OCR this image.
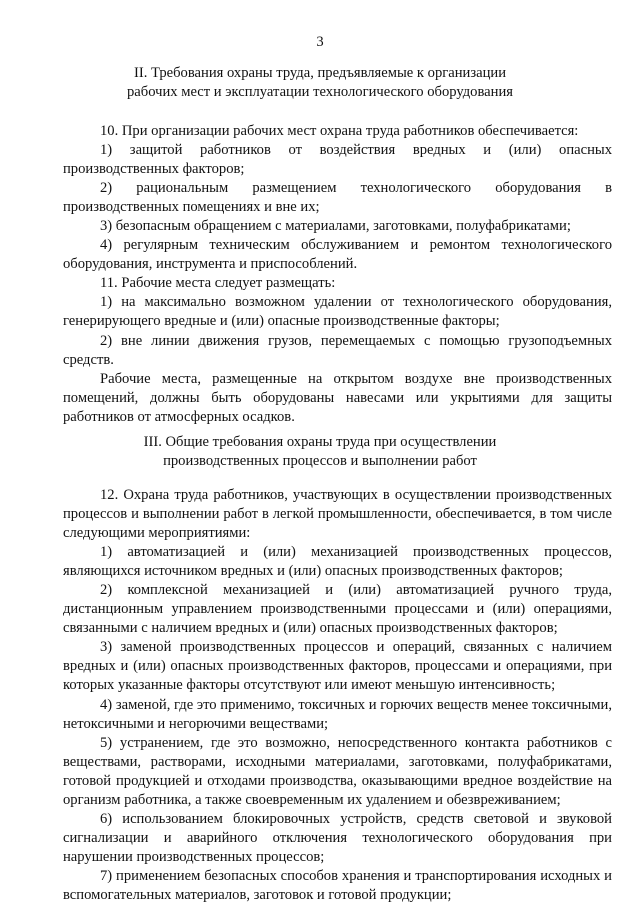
3
II. Требования охраны труда, предъявляемые к организации
рабочих мест и эксплуатации технологического оборудования

10. При организации рабочих мест охрана труда работников обеспечивается:

1) защитой работников от воздействия вредных и (или) опасных производственных факторов;

2) рациональным размещением технологического оборудования в производственных помещениях и вне их;

3) безопасным обращением с материалами, заготовками, полуфабрикатами;

4) регулярным техническим обслуживанием и ремонтом технологического оборудования, инструмента и приспособлений.

11. Рабочие места следует размещать:

1) на максимально возможном удалении от технологического оборудования, генерирующего вредные и (или) опасные производственные факторы;

2) вне линии движения грузов, перемещаемых с помощью грузоподъемных средств.

Рабочие места, размещенные на открытом воздухе вне производственных помещений, должны быть оборудованы навесами или укрытиями для защиты работников от атмосферных осадков.

III. Общие требования охраны труда при осуществлении
производственных процессов и выполнении работ

12. Охрана труда работников, участвующих в осуществлении производственных процессов и выполнении работ в легкой промышленности, обеспечивается, в том числе следующими мероприятиями:

1) автоматизацией и (или) механизацией производственных процессов, являющихся источником вредных и (или) опасных производственных факторов;

2) комплексной механизацией и (или) автоматизацией ручного труда, дистанционным управлением производственными процессами и (или) операциями, связанными с наличием вредных и (или) опасных производственных факторов;

3) заменой производственных процессов и операций, связанных с наличием вредных и (или) опасных производственных факторов, процессами и операциями, при которых указанные факторы отсутствуют или имеют меньшую интенсивность;

4) заменой, где это применимо, токсичных и горючих веществ менее токсичными, нетоксичными и негорючими веществами;

5) устранением, где это возможно, непосредственного контакта работников с веществами, растворами, исходными материалами, заготовками, полуфабрикатами, готовой продукцией и отходами производства, оказывающими вредное воздействие на организм работника, а также своевременным их удалением и обезвреживанием;

6) использованием блокировочных устройств, средств световой и звуковой сигнализации и аварийного отключения технологического оборудования при нарушении производственных процессов;

7) применением безопасных способов хранения и транспортирования исходных и вспомогательных материалов, заготовок и готовой продукции;
